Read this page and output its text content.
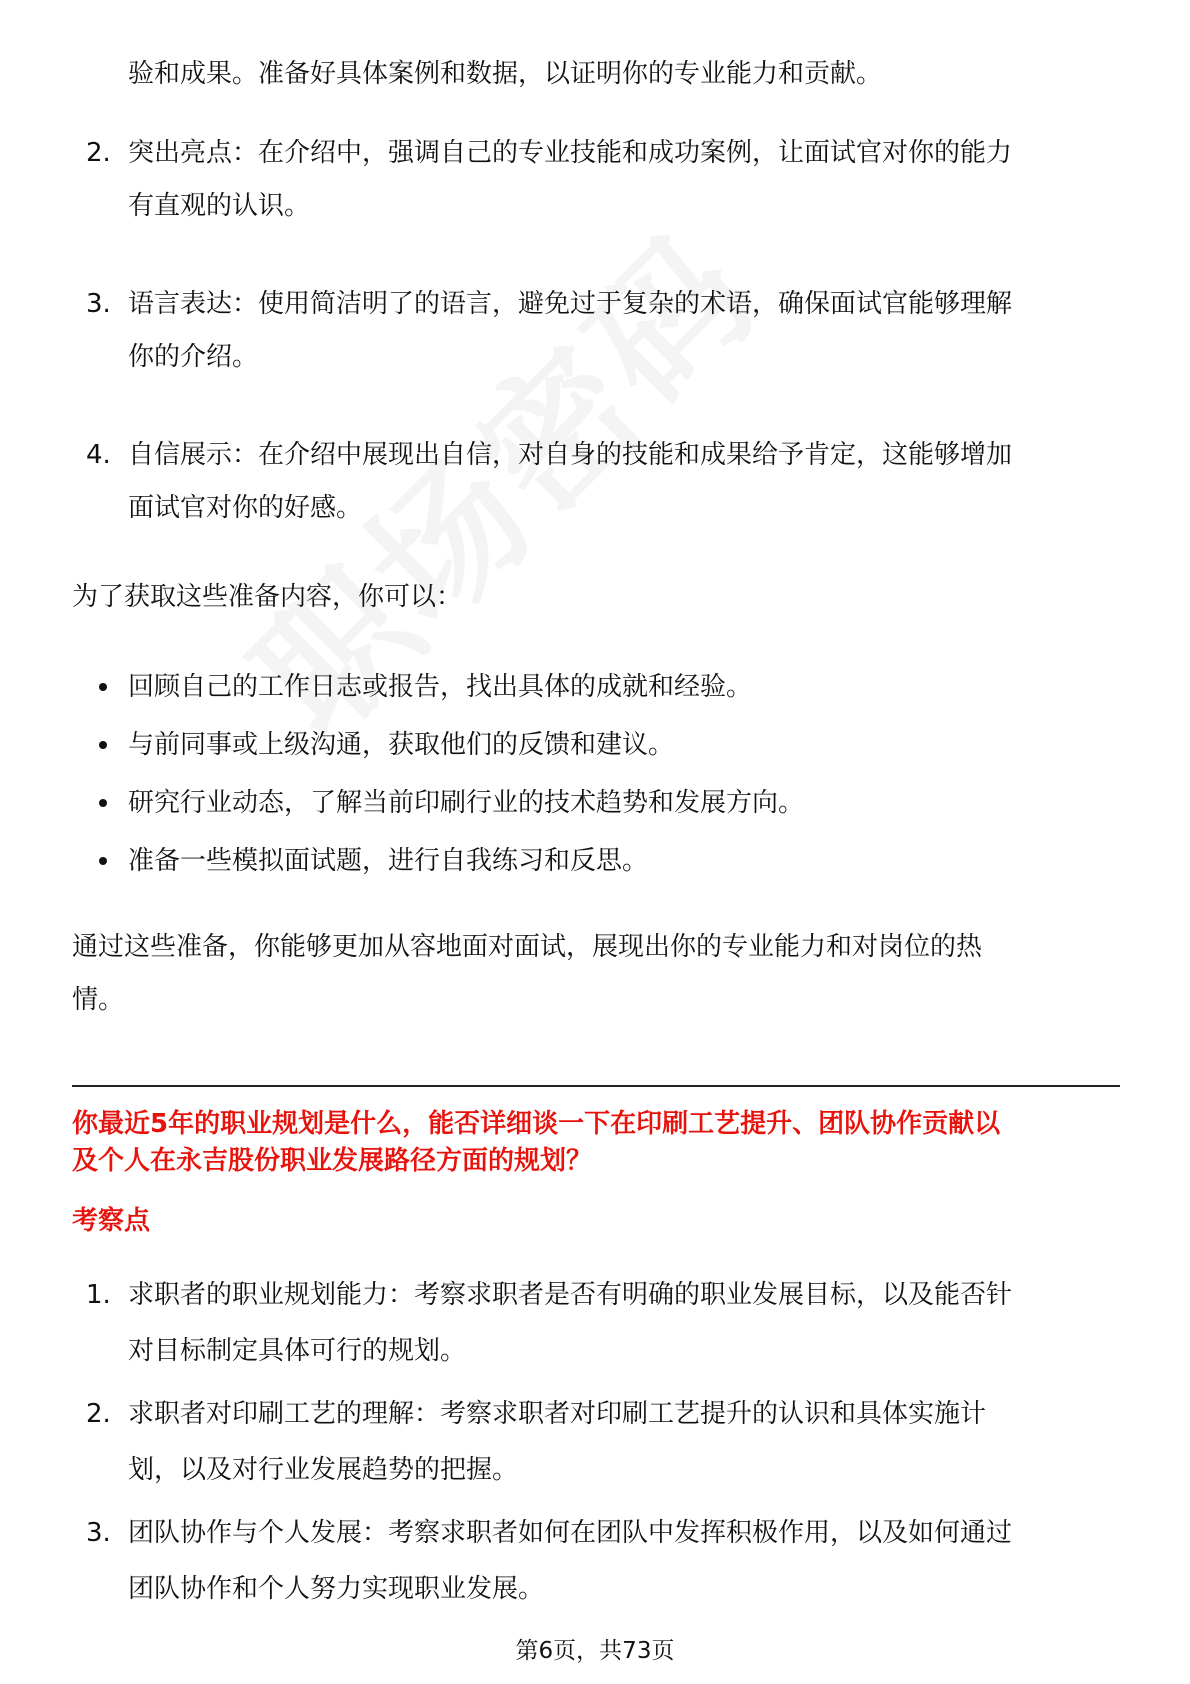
验和成果。准备好具体案例和数据，以证明你的专业能力和贡献。
2. 突出亮点：在介绍中，强调自己的专业技能和成功案例，让面试官对你的能力
有直观的认识。
3. 语言表达：使用简洁明了的语言，避免过于复杂的术语，确保面试官能够理解
你的介绍。
4. 自信展示：在介绍中展现出自信，对自身的技能和成果给予肯定，这能够增加
面试官对你的好感。
为了获取这些准备内容，你可以：
回顾自己的工作日志或报告，找出具体的成就和经验。
与前同事或上级沟通，获取他们的反馈和建议。
研究行业动态，了解当前印刷行业的技术趋势和发展方向。
准备一些模拟面试题，进行自我练习和反思。
通过这些准备，你能够更加从容地面对面试，展现出你的专业能力和对岗位的热
情。
你最近5年的职业规划是什么，能否详细谈一下在印刷工艺提升、团队协作贡献以
及个人在永吉股份职业发展路径方面的规划？
考察点
1. 求职者的职业规划能力：考察求职者是否有明确的职业发展目标，以及能否针
对目标制定具体可行的规划。
2. 求职者对印刷工艺的理解：考察求职者对印刷工艺提升的认识和具体实施计
划，以及对行业发展趋势的把握。
3. 团队协作与个人发展：考察求职者如何在团队中发挥积极作用，以及如何通过
团队协作和个人努力实现职业发展。
第6页，共73页
